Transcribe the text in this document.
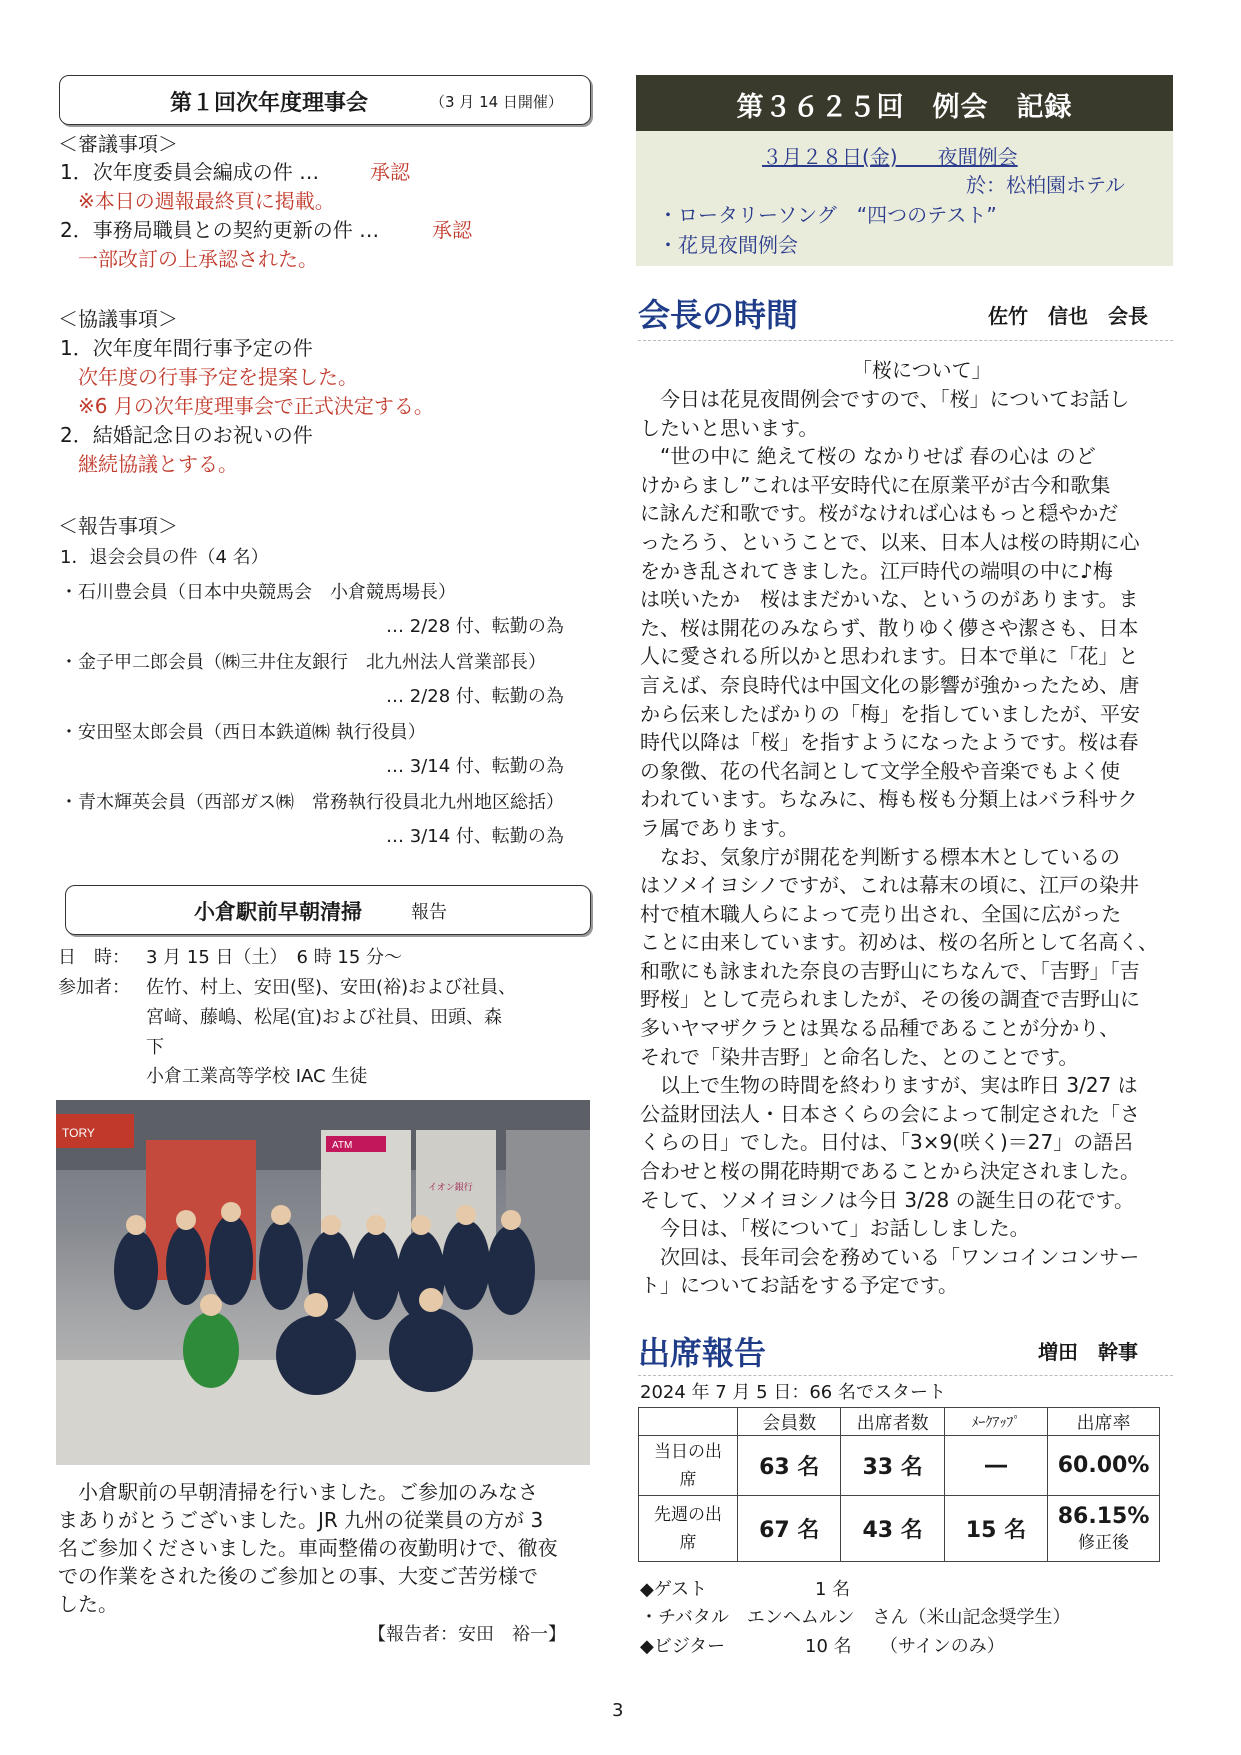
第１回次年度理事会	（3 月 14 日開催）
＜審議事項＞
1．次年度委員会編成の件 …	承認
※本日の週報最終頁に掲載。
2．事務局職員との契約更新の件 …	承認
一部改訂の上承認された。
＜協議事項＞
1．次年度年間行事予定の件
次年度の行事予定を提案した。
※6 月の次年度理事会で正式決定する。
2．結婚記念日のお祝いの件
継続協議とする。
＜報告事項＞
1．退会会員の件（4 名）
・石川豊会員（日本中央競馬会　小倉競馬場長）
… 2/28 付、転勤の為
・金子甲二郎会員（㈱三井住友銀行　北九州法人営業部長）
… 2/28 付、転勤の為
・安田堅太郎会員（西日本鉄道㈱ 執行役員）
… 3/14 付、転勤の為
・青木輝英会員（西部ガス㈱　常務執行役員北九州地区総括）
… 3/14 付、転勤の為
小倉駅前早朝清掃	報告
日　時： 3 月 15 日（土）　6 時 15 分～
参加者： 佐竹、村上、安田(堅)、安田(裕)および社員、
宮﨑、藤嶋、松尾(宜)および社員、田頭、森
下
小倉工業高等学校 IAC 生徒
TORY
ATM
イオン銀行
小倉駅前の早朝清掃を行いました。ご参加のみなさ
まありがとうございました。JR 九州の従業員の方が 3
名ご参加くださいました。車両整備の夜勤明けで、徹夜
での作業をされた後のご参加との事、大変ご苦労様で
した。
【報告者：安田　裕一】
第３６２５回　例会　記録
３月２８日(金)　　夜間例会
於：松柏園ホテル
・ロータリーソング　“四つのテスト”
・花見夜間例会
会長の時間	佐竹　信也　会長
「桜について」
　今日は花見夜間例会ですので、「桜」についてお話し
したいと思います。
　“世の中に 絶えて桜の なかりせば 春の心は のど
けからまし”これは平安時代に在原業平が古今和歌集
に詠んだ和歌です。桜がなければ心はもっと穏やかだ
ったろう、ということで、以来、日本人は桜の時期に心
をかき乱されてきました。江戸時代の端唄の中に♪梅
は咲いたか　桜はまだかいな、というのがあります。ま
た、桜は開花のみならず、散りゆく儚さや潔さも、日本
人に愛される所以かと思われます。日本で単に「花」と
言えば、奈良時代は中国文化の影響が強かったため、唐
から伝来したばかりの「梅」を指していましたが、平安
時代以降は「桜」を指すようになったようです。桜は春
の象徴、花の代名詞として文学全般や音楽でもよく使
われています。ちなみに、梅も桜も分類上はバラ科サク
ラ属であります。
　なお、気象庁が開花を判断する標本木としているの
はソメイヨシノですが、これは幕末の頃に、江戸の染井
村で植木職人らによって売り出され、全国に広がった
ことに由来しています。初めは、桜の名所として名高く、
和歌にも詠まれた奈良の吉野山にちなんで、「吉野」「吉
野桜」として売られましたが、その後の調査で吉野山に
多いヤマザクラとは異なる品種であることが分かり、
それで「染井吉野」と命名した、とのことです。
　以上で生物の時間を終わりますが、実は昨日 3/27 は
公益財団法人・日本さくらの会によって制定された「さ
くらの日」でした。日付は、「3×9(咲く)＝27」の語呂
合わせと桜の開花時期であることから決定されました。
そして、ソメイヨシノは今日 3/28 の誕生日の花です。
　今日は、「桜について」お話ししました。
　次回は、長年司会を務めている「ワンコインコンサー
ト」についてお話をする予定です。
出席報告	増田　幹事
2024 年 7 月 5 日：66 名でスタート
	会員数	出席者数	ﾒｰｸｱｯﾌﾟ	出席率
当日の出席	63 名	33 名	―	60.00%
先週の出席	67 名	43 名	15 名	86.15%
修正後
◆ゲスト	1 名
・チバタル　エンヘムルン　さん（米山記念奨学生）
◆ビジター	10 名 （サインのみ）
3
